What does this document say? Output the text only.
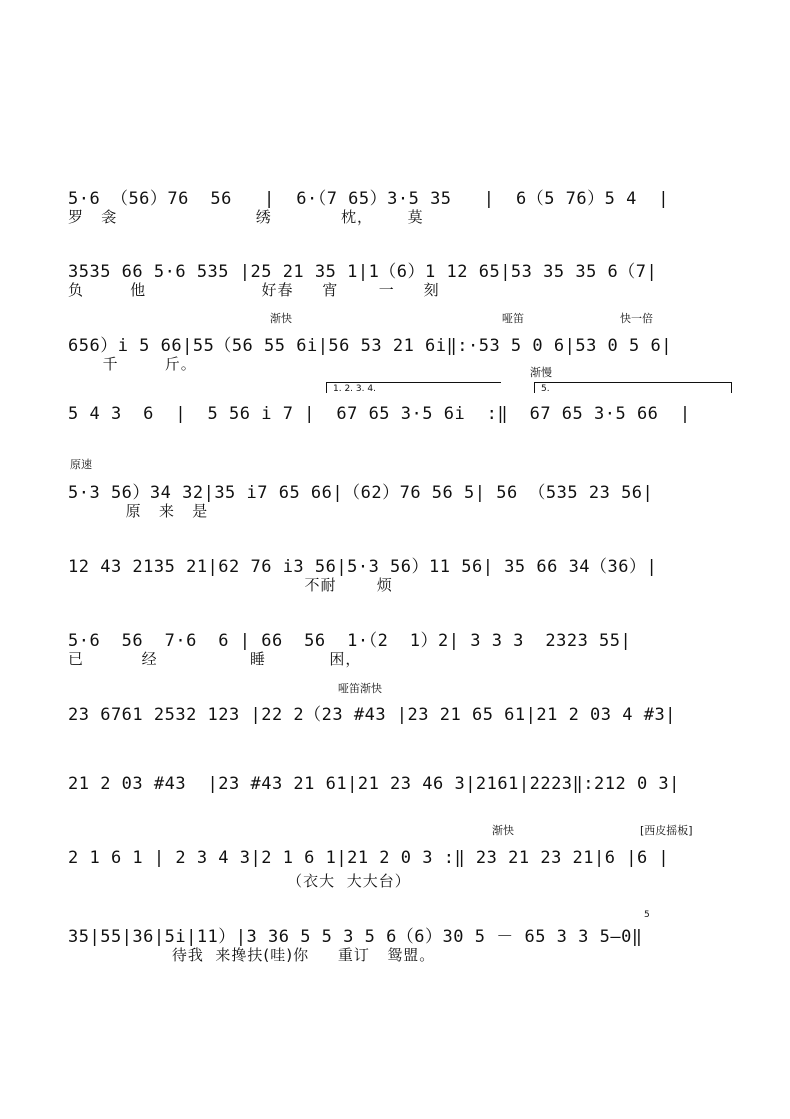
渐快	哑笛	快一倍
渐慢
原速
哑笛渐快
渐快	[西皮摇板]
5
1. 2. 3. 4.	5.
5·6 （56）76  56   |  6·（7 65）3·5 35   |  6（5 76）5 4  |
罗   衾                        绣            枕，      莫
3535 66 5·6 535 |25 21 35 1|1（6）1 12 65|53 35 35 6（7|
负        他                    好春     宵       一     刻
656）i 5 66|55（56 55 6i|56 53 21 6i‖:·53 5 0 6|53 0 5 6|
千        斤。
5 4 3  6  |  5 56 i 7 |  67 65 3·5 6i  :‖  67 65 3·5 66  |
5·3 56）34 32|35 i7 65 66|（62）76 56 5| 56 （535 23 56|
原   来   是
12 43 2135 21|62 76 i3 56|5·3 56）11 56| 35 66 34（36）|
不耐       烦
5·6  56  7·6  6 | 66  56  1·（2  1）2| 3 3 3  2323 55|
已          经                睡           困，
23 6761 2532 123 |22 2（23 #43 |23 21 65 61|21 2 03 4 #3|
21 2 03 #43  |23 #43 21 61|21 23 46 3|2161|2223‖:212 0 3|
2 1 6 1 | 2 3 4 3|2 1 6 1|21 2 0 3 :‖ 23 21 23 21|6 |6 |
（衣大  大大台）
35|55|36|5i|11）|3 36 5 5 3 5 6（6）30 5 － 65 3 3 5—0‖
待我  来搀扶(哇)你     重订   鸳盟。
